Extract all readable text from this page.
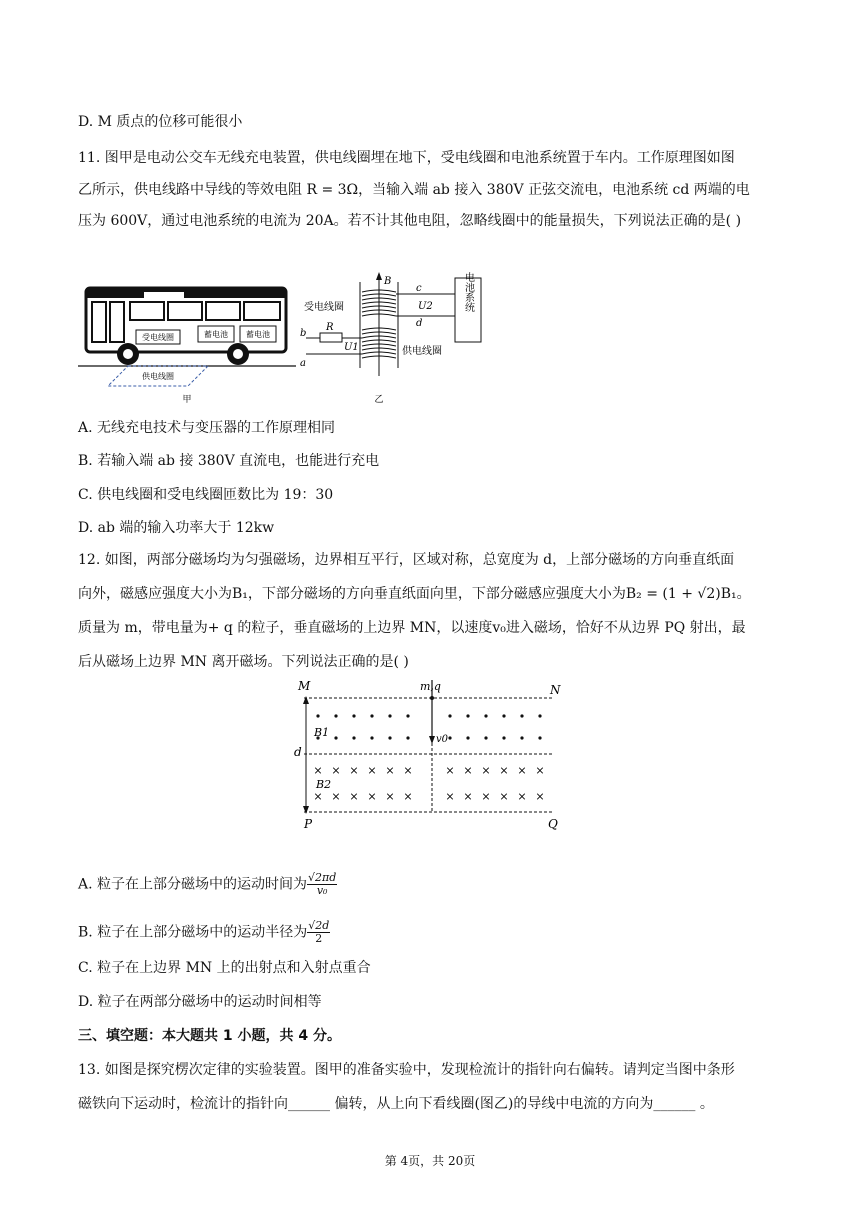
D. M 质点的位移可能很小
11. 图甲是电动公交车无线充电装置，供电线圈埋在地下，受电线圈和电池系统置于车内。工作原理图如图
乙所示，供电线路中导线的等效电阻 R = 3Ω，当输入端 ab 接入 380V 正弦交流电，电池系统 cd 两端的电
压为 600V，通过电池系统的电流为 20A。若不计其他电阻，忽略线圈中的能量损失，下列说法正确的是( )
受电线圈	蓄电池 蓄电池
供电线圈
甲
电池系统
B
c
U2
d
受电线圈
b
R
U1
a
供电线圈
乙
A. 无线充电技术与变压器的工作原理相同
B. 若输入端 ab 接 380V 直流电，也能进行充电
C. 供电线圈和受电线圈匝数比为 19：30
D. ab 端的输入功率大于 12kw
12. 如图，两部分磁场均为匀强磁场，边界相互平行，区域对称，总宽度为 d，上部分磁场的方向垂直纸面
向外，磁感应强度大小为B₁，下部分磁场的方向垂直纸面向里，下部分磁感应强度大小为B₂ = (1 + √2)B₁。
质量为 m，带电量为+ q 的粒子，垂直磁场的上边界 MN，以速度v₀进入磁场，恰好不从边界 PQ 射出，最
后从磁场上边界 MN 离开磁场。下列说法正确的是( )
× × × × × ×	× × × × × ×
× × × × × ×	× × × × × ×
M	N
P	Q
m,q
B1
B2
v0
d
A. 粒子在上部分磁场中的运动时间为 $\frac{√2\pi d}{\text{v₀}}$
B. 粒子在上部分磁场中的运动半径为 $\frac{√2d}{2}$
C. 粒子在上边界 MN 上的出射点和入射点重合
D. 粒子在两部分磁场中的运动时间相等
三、填空题：本大题共 1 小题，共 4 分。
13. 如图是探究楞次定律的实验装置。图甲的准备实验中，发现检流计的指针向右偏转。请判定当图中条形
磁铁向下运动时，检流计的指针向______ 偏转，从上向下看线圈(图乙)的导线中电流的方向为______ 。
第 4页，共 20页
